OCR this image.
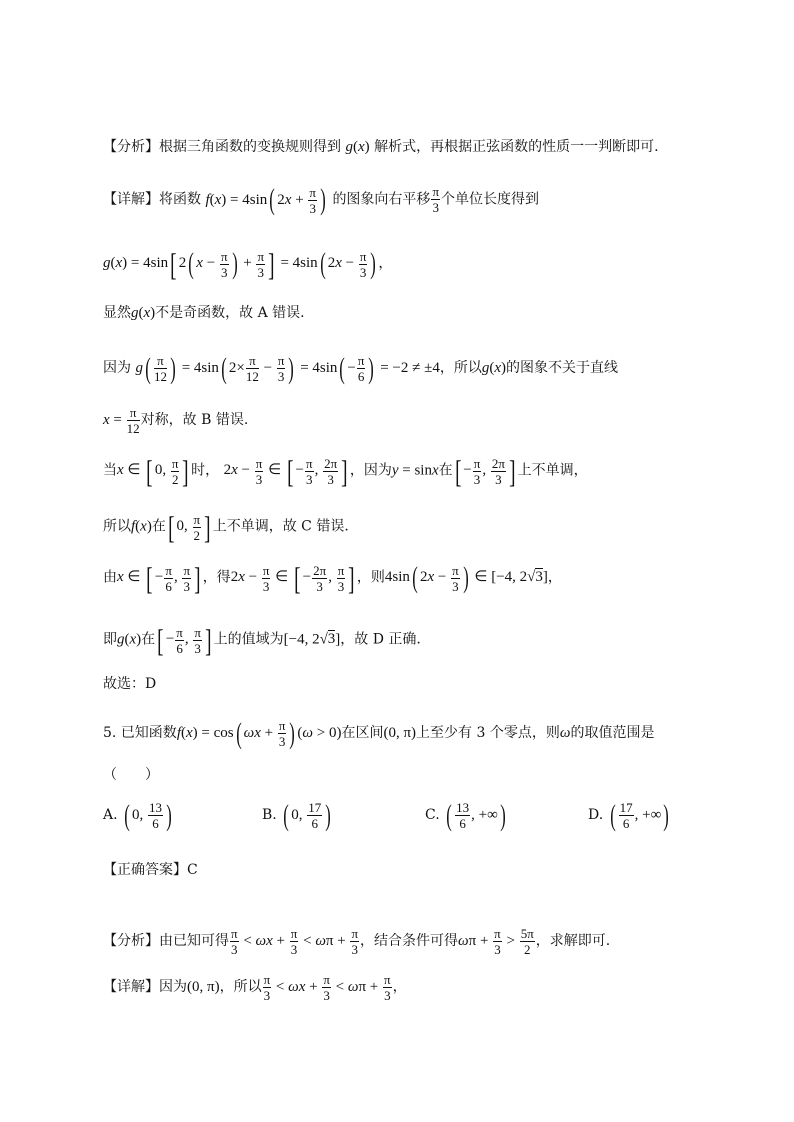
【分析】根据三角函数的变换规则得到 g(x) 解析式，再根据正弦函数的性质一一判断即可.
【详解】将函数 f(x) = 4sin( $2x + \frac{\pi}{3}$ ) 的图象向右平移 $\frac{\pi}{3}$ 个单位长度得到
g(x) = 4sin[ 2( $x - \frac{\pi}{3}$ ) + $\frac{\pi}{3}$ ] = 4sin( $2x - \frac{\pi}{3}$ ) ，
显然g(x)不是奇函数，故 A 错误.
因为 $g( \frac{\pi}{12}$ ) = 4sin( $2\times \frac{\pi}{12} - \frac{\pi}{3}$ ) = $4\sin( - \frac{\pi}{6}$ ) = −2 ≠ ±4，所以g(x)的图象不关于直线
$x = \frac{\pi}{12}$ 对称，故 B 错误.
当x ∈ [ 0, $\frac{\pi}{2}$ ] 时， $2x - \frac{\pi}{3}$ ∈ [ − $\frac{\pi}{3}$ , $\frac{2\pi}{3}$ ] ，因为y = sinx在[ − $\frac{\pi}{3}$ , $\frac{2\pi}{3}$ ] 上不单调，
所以f(x)在[ 0, $\frac{\pi}{2}$ ] 上不单调，故 C 错误.
由x ∈ [ − $\frac{\pi}{6}$ , $\frac{\pi}{3}$ ] ，得$2x - \frac{\pi}{3}$ ∈ [ − $\frac{2\pi}{3}$ , $\frac{\pi}{3}$ ] ，则4sin( $2x - \frac{\pi}{3}$ ) ∈ [−4, 2√3]，
即g(x)在[ − $\frac{\pi}{6}$ , $\frac{\pi}{3}$ ] 上的值域为[−4, 2√3]，故 D 正确.
故选：D
5. 已知函数f(x) = cos( $\omega x + \frac{\pi}{3}$ ) (ω > 0)在区间(0, π)上至少有 3 个零点，则ω的取值范围是
（　　）
A. ( 0, $\frac{13}{6}$ )	B. ( 0, $\frac{17}{6}$ )	C. ( $\frac{13}{6}$ , +∞)	D. ( $\frac{17}{6}$ , +∞)
【正确答案】C
【分析】由已知可得 $\frac{\pi}{3} < \omega x + \frac{\pi}{3} < \omega\pi + \frac{\pi}{3}$ ，结合条件可得$\omega\pi + \frac{\pi}{3} > \frac{5\pi}{2}$ ，求解即可.
【详解】因为(0, π)，所以 $\frac{\pi}{3} < \omega x + \frac{\pi}{3} < \omega\pi + \frac{\pi}{3}$ ，
